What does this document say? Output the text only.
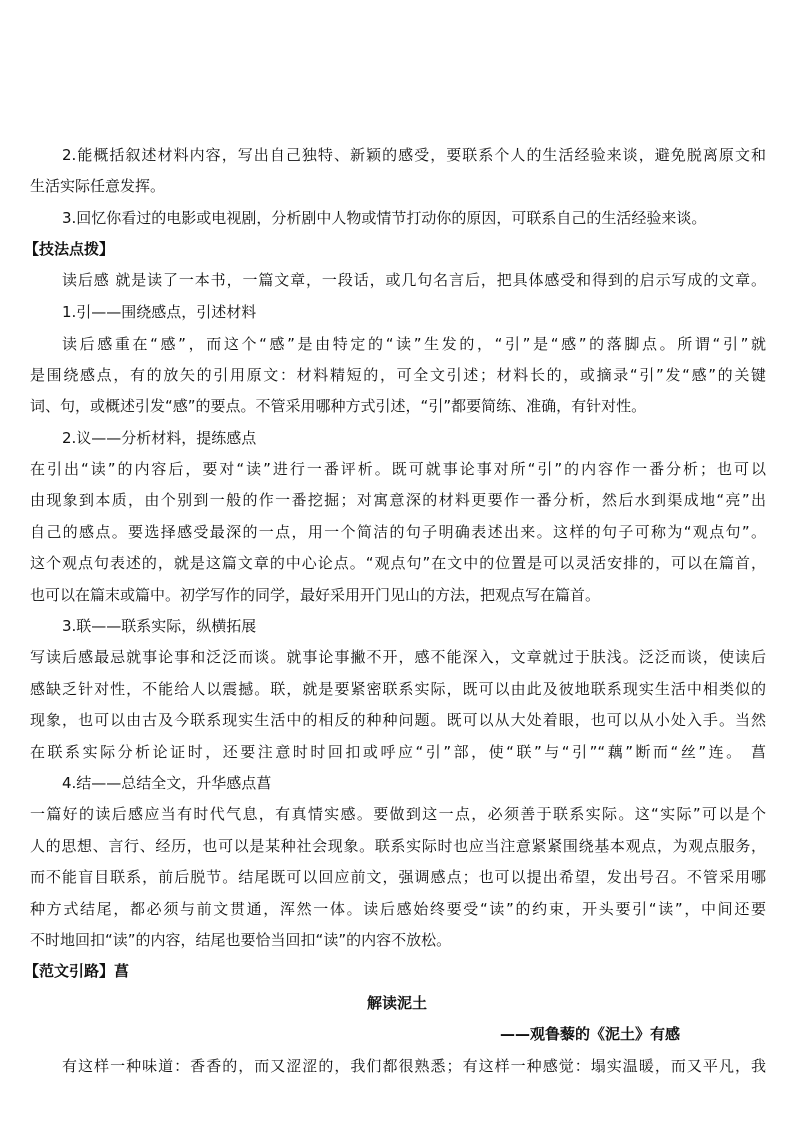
2.能概括叙述材料内容，写出自己独特、新颖的感受，要联系个人的生活经验来谈，避免脱离原文和
生活实际任意发挥。
3.回忆你看过的电影或电视剧，分析剧中人物或情节打动你的原因，可联系自己的生活经验来谈。
【技法点拨】
读后感 就是读了一本书，一篇文章，一段话，或几句名言后，把具体感受和得到的启示写成的文章。
1.引——围绕感点，引述材料
读后感重在“感”，而这个“感”是由特定的“读”生发的，“引”是“感”的落脚点。所谓“引”就
是围绕感点，有的放矢的引用原文：材料精短的，可全文引述；材料长的，或摘录“引”发“感”的关键
词、句，或概述引发“感”的要点。不管采用哪种方式引述，“引”都要简练、准确，有针对性。
2.议——分析材料，提练感点
在引出“读”的内容后，要对“读”进行一番评析。既可就事论事对所“引”的内容作一番分析；也可以
由现象到本质，由个别到一般的作一番挖掘；对寓意深的材料更要作一番分析，然后水到渠成地“亮”出
自己的感点。要选择感受最深的一点，用一个简洁的句子明确表述出来。这样的句子可称为“观点句”。
这个观点句表述的，就是这篇文章的中心论点。“观点句”在文中的位置是可以灵活安排的，可以在篇首，
也可以在篇末或篇中。初学写作的同学，最好采用开门见山的方法，把观点写在篇首。
3.联——联系实际，纵横拓展
写读后感最忌就事论事和泛泛而谈。就事论事撇不开，感不能深入，文章就过于肤浅。泛泛而谈，使读后
感缺乏针对性，不能给人以震撼。联，就是要紧密联系实际，既可以由此及彼地联系现实生活中相类似的
现象，也可以由古及今联系现实生活中的相反的种种问题。既可以从大处着眼，也可以从小处入手。当然
在联系实际分析论证时，还要注意时时回扣或呼应“引”部，使“联”与“引”“藕”断而“丝”连。 菖
4.结——总结全文，升华感点菖
一篇好的读后感应当有时代气息，有真情实感。要做到这一点，必须善于联系实际。这“实际”可以是个
人的思想、言行、经历，也可以是某种社会现象。联系实际时也应当注意紧紧围绕基本观点，为观点服务，
而不能盲目联系，前后脱节。结尾既可以回应前文，强调感点；也可以提出希望，发出号召。不管采用哪
种方式结尾，都必须与前文贯通，浑然一体。读后感始终要受“读”的约束，开头要引“读”，中间还要
不时地回扣“读”的内容，结尾也要恰当回扣“读”的内容不放松。
【范文引路】菖
解读泥土
——观鲁藜的《泥土》有感
有这样一种味道：香香的，而又涩涩的，我们都很熟悉；有这样一种感觉：塌实温暖，而又平凡，我
